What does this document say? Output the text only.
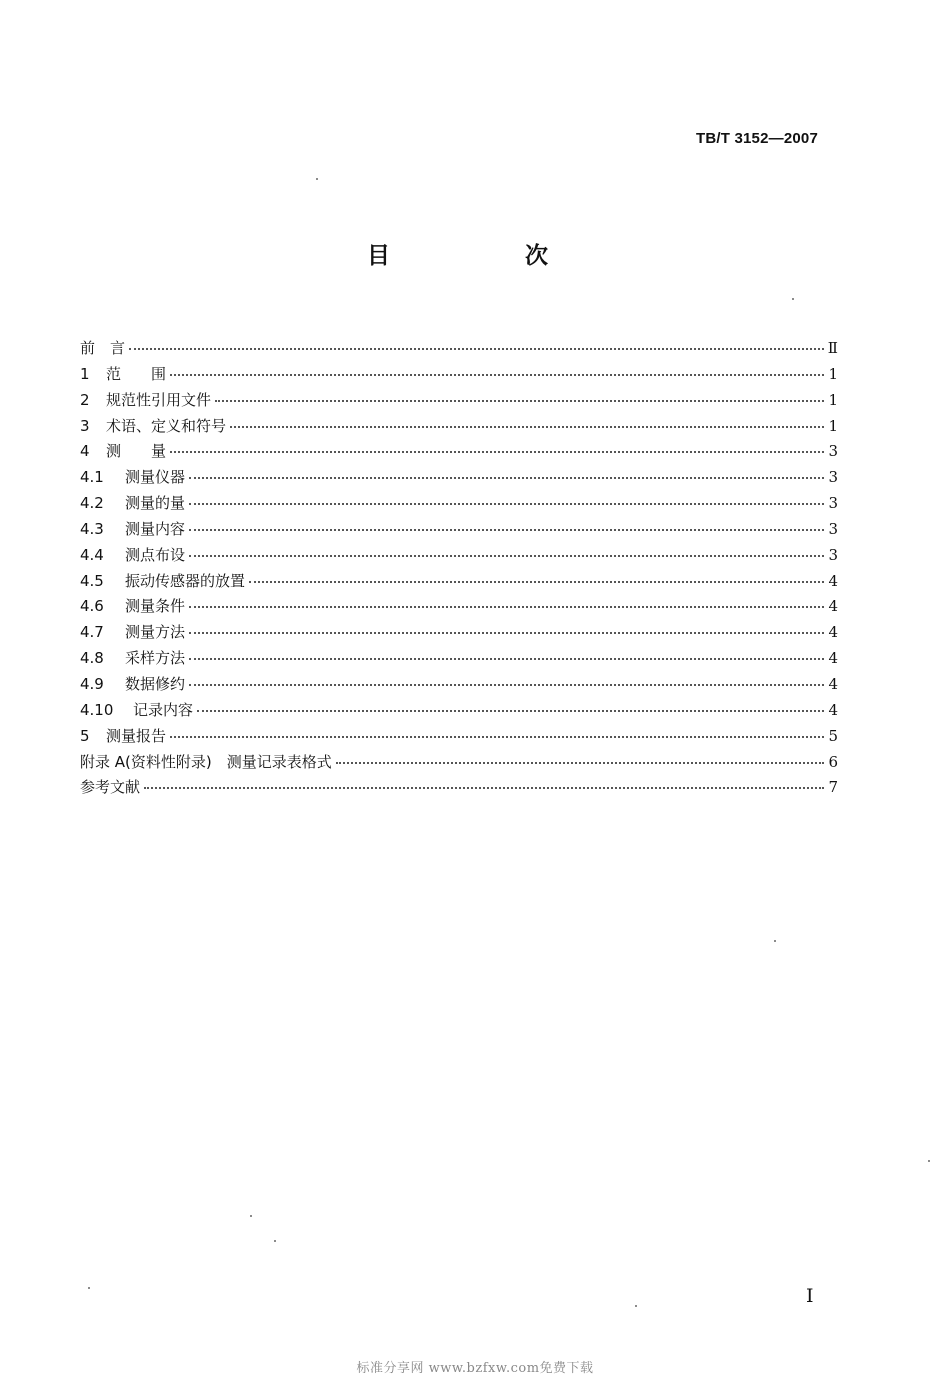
TB/T 3152—2007
目　次
前　言	Ⅱ
1 范　　围	1
2 规范性引用文件	1
3 术语、定义和符号	1
4 测　　量	3
4.1 测量仪器	3
4.2 测量的量	3
4.3 测量内容	3
4.4 测点布设	3
4.5 振动传感器的放置	4
4.6 测量条件	4
4.7 测量方法	4
4.8 采样方法	4
4.9 数据修约	4
4.10 记录内容	4
5 测量报告	5
附录 A(资料性附录)　测量记录表格式	6
参考文献	7
I
标准分享网 www.bzfxw.com免费下载
